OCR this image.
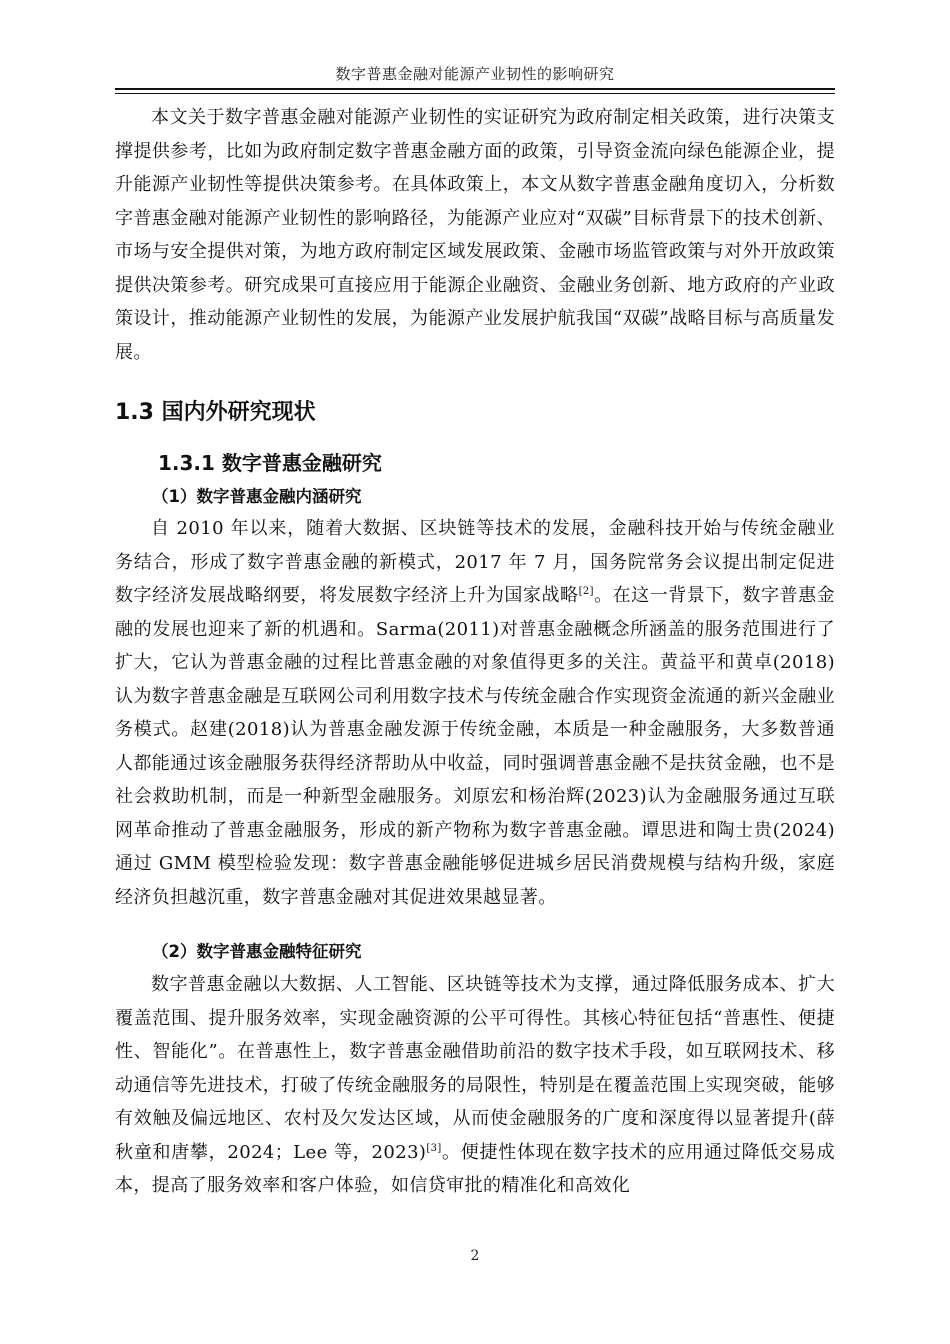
数字普惠金融对能源产业韧性的影响研究

本文关于数字普惠金融对能源产业韧性的实证研究为政府制定相关政策，进行决策支撑提供参考，比如为政府制定数字普惠金融方面的政策，引导资金流向绿色能源企业，提升能源产业韧性等提供决策参考。在具体政策上，本文从数字普惠金融角度切入，分析数字普惠金融对能源产业韧性的影响路径，为能源产业应对“双碳”目标背景下的技术创新、市场与安全提供对策，为地方政府制定区域发展政策、金融市场监管政策与对外开放政策提供决策参考。研究成果可直接应用于能源企业融资、金融业务创新、地方政府的产业政策设计，推动能源产业韧性的发展，为能源产业发展护航我国“双碳”战略目标与高质量发展。

1.3 国内外研究现状
1.3.1 数字普惠金融研究
（1）数字普惠金融内涵研究

自 2010 年以来，随着大数据、区块链等技术的发展，金融科技开始与传统金融业务结合，形成了数字普惠金融的新模式，2017 年 7 月，国务院常务会议提出制定促进数字经济发展战略纲要，将发展数字经济上升为国家战略[2]。在这一背景下，数字普惠金融的发展也迎来了新的机遇和。Sarma(2011)对普惠金融概念所涵盖的服务范围进行了扩大，它认为普惠金融的过程比普惠金融的对象值得更多的关注。黄益平和黄卓(2018)认为数字普惠金融是互联网公司利用数字技术与传统金融合作实现资金流通的新兴金融业务模式。赵建(2018)认为普惠金融发源于传统金融，本质是一种金融服务，大多数普通人都能通过该金融服务获得经济帮助从中收益，同时强调普惠金融不是扶贫金融，也不是社会救助机制，而是一种新型金融服务。刘原宏和杨治辉(2023)认为金融服务通过互联网革命推动了普惠金融服务，形成的新产物称为数字普惠金融。谭思进和陶士贵(2024)通过 GMM 模型检验发现：数字普惠金融能够促进城乡居民消费规模与结构升级，家庭经济负担越沉重，数字普惠金融对其促进效果越显著。

（2）数字普惠金融特征研究

数字普惠金融以大数据、人工智能、区块链等技术为支撑，通过降低服务成本、扩大覆盖范围、提升服务效率，实现金融资源的公平可得性。其核心特征包括“普惠性、便捷性、智能化”。在普惠性上，数字普惠金融借助前沿的数字技术手段，如互联网技术、移动通信等先进技术，打破了传统金融服务的局限性，特别是在覆盖范围上实现突破，能够有效触及偏远地区、农村及欠发达区域，从而使金融服务的广度和深度得以显著提升(薛秋童和唐攀，2024；Lee 等，2023)[3]。便捷性体现在数字技术的应用通过降低交易成本，提高了服务效率和客户体验，如信贷审批的精准化和高效化

2
